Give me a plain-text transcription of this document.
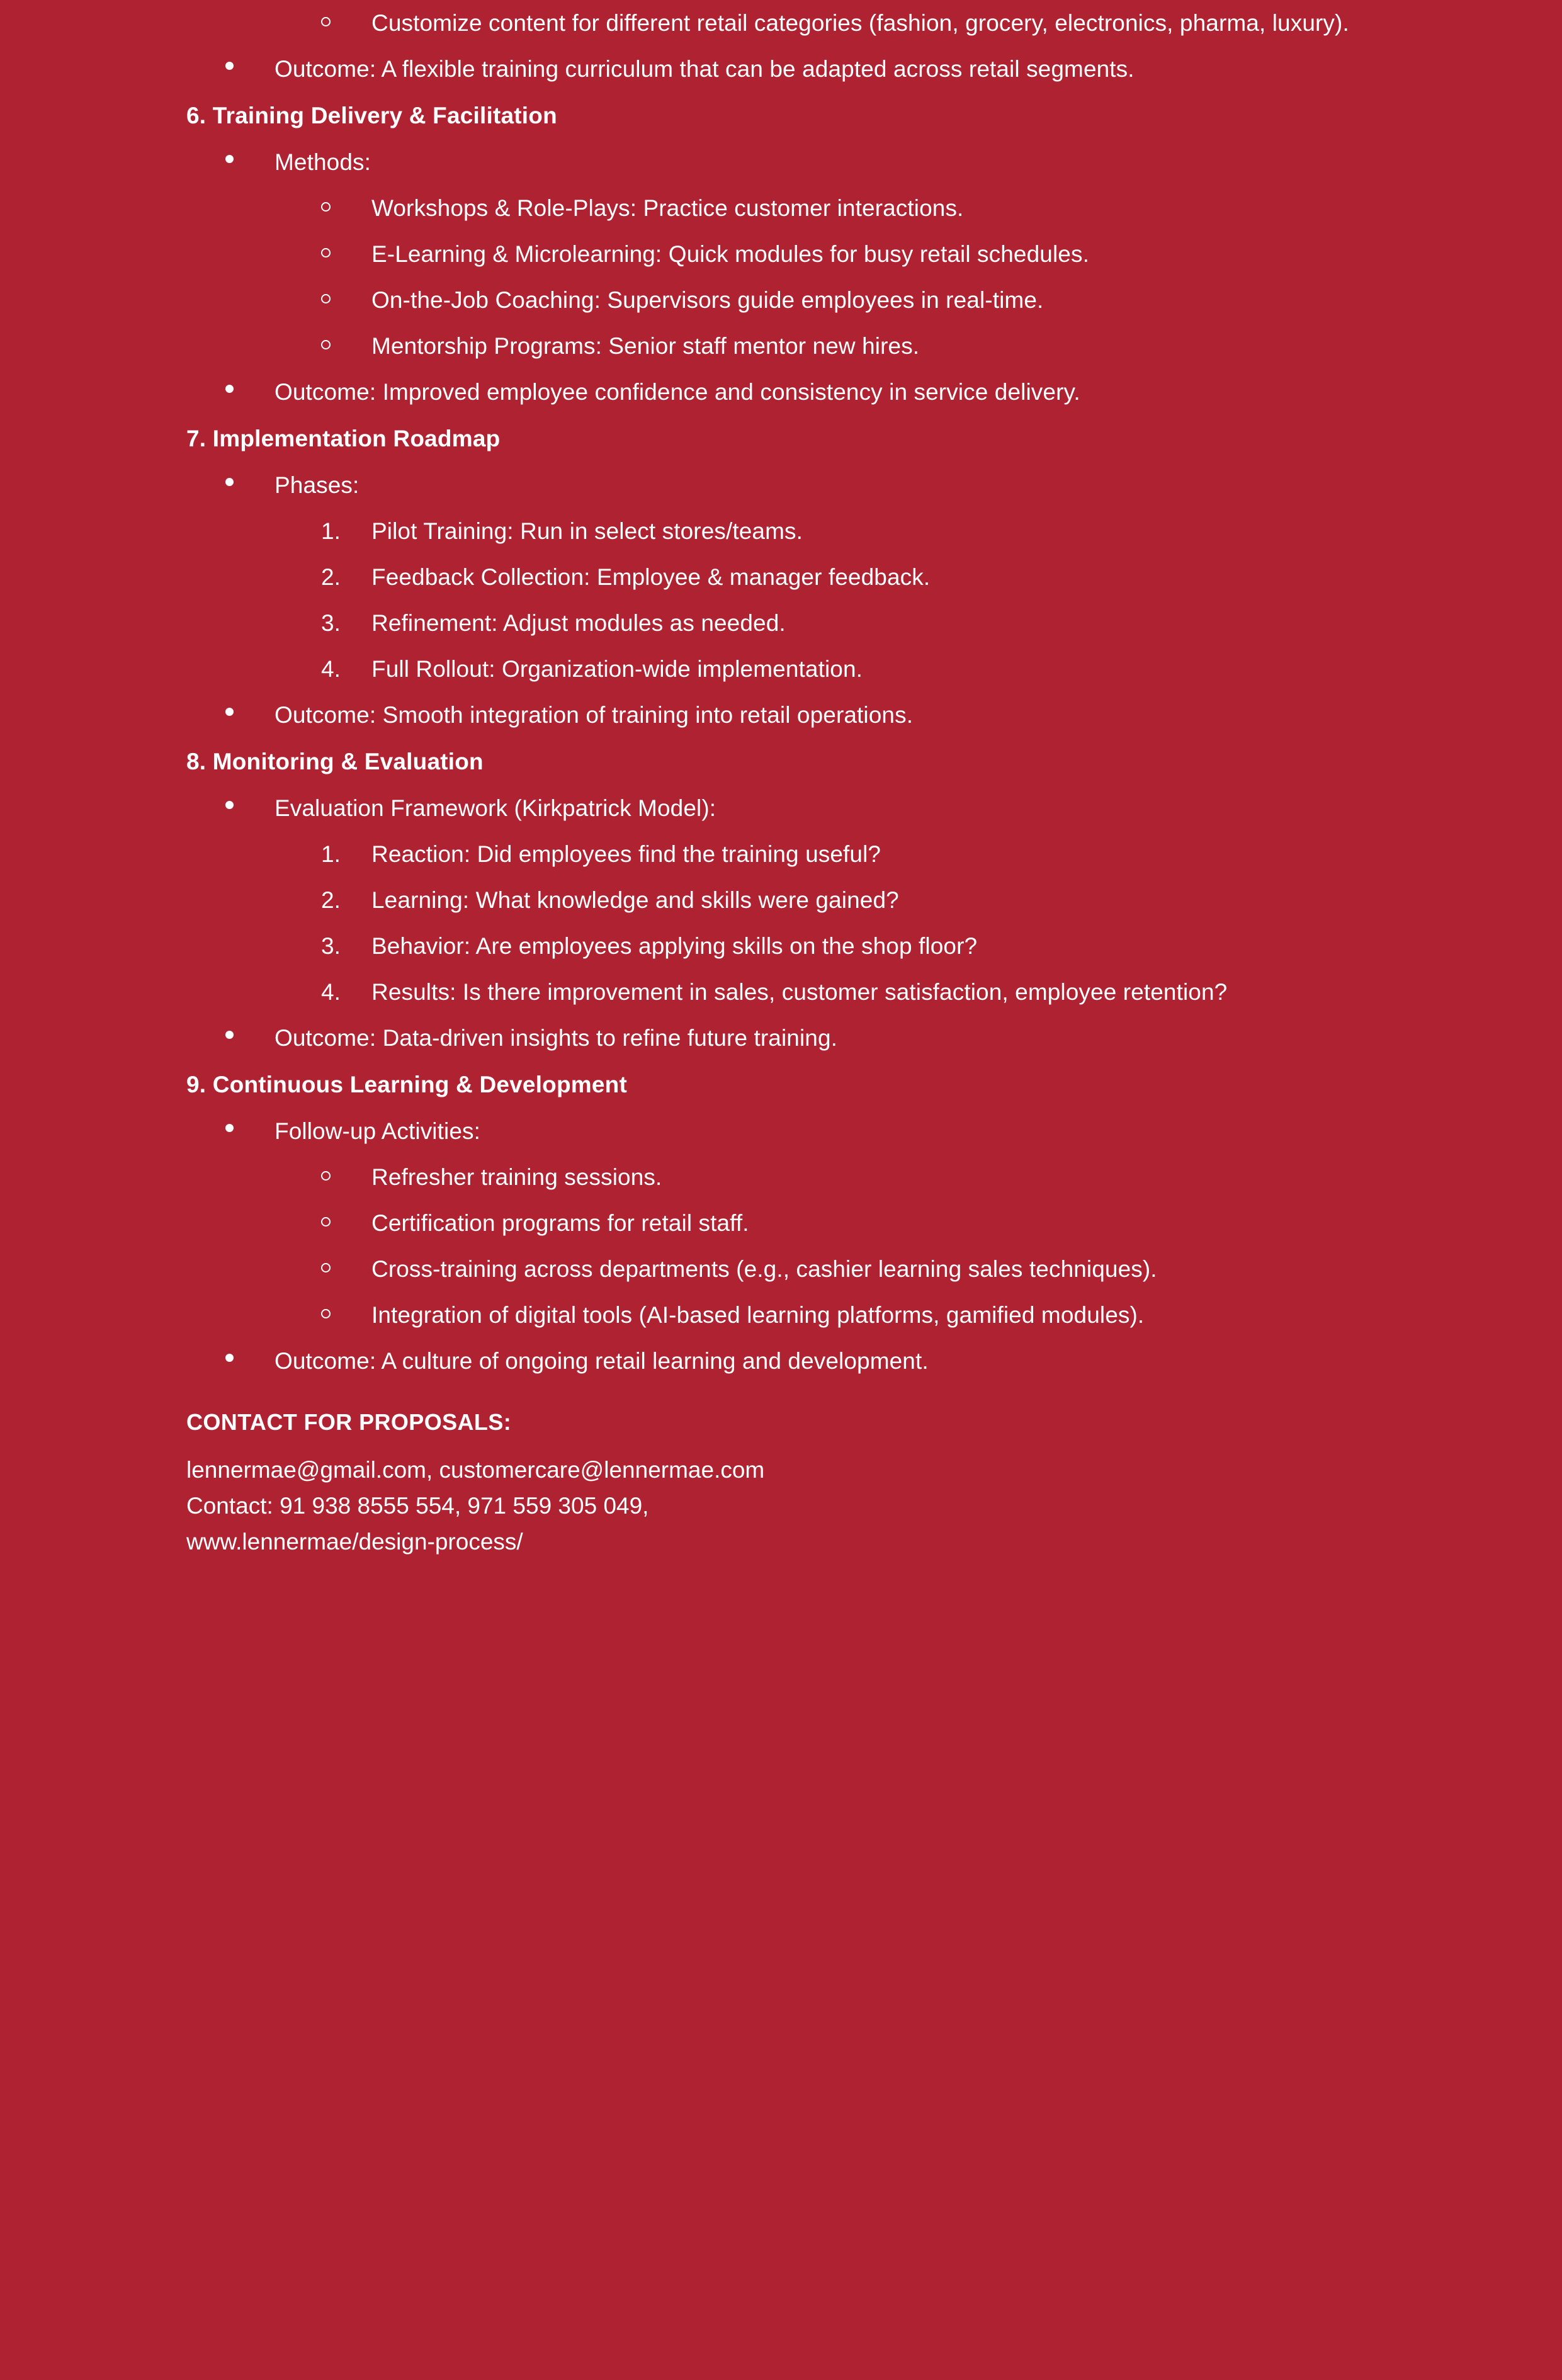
Customize content for different retail categories (fashion, grocery, electronics, pharma, luxury).
Outcome: A flexible training curriculum that can be adapted across retail segments.
6. Training Delivery & Facilitation
Methods:
Workshops & Role-Plays: Practice customer interactions.
E-Learning & Microlearning: Quick modules for busy retail schedules.
On-the-Job Coaching: Supervisors guide employees in real-time.
Mentorship Programs: Senior staff mentor new hires.
Outcome: Improved employee confidence and consistency in service delivery.
7. Implementation Roadmap
Phases:
1.	Pilot Training: Run in select stores/teams.
2.	Feedback Collection: Employee & manager feedback.
3.	Refinement: Adjust modules as needed.
4.	Full Rollout: Organization-wide implementation.
Outcome: Smooth integration of training into retail operations.
8. Monitoring & Evaluation
Evaluation Framework (Kirkpatrick Model):
1.	Reaction: Did employees find the training useful?
2.	Learning: What knowledge and skills were gained?
3.	Behavior: Are employees applying skills on the shop floor?
4.	Results: Is there improvement in sales, customer satisfaction, employee retention?
Outcome: Data-driven insights to refine future training.
9. Continuous Learning & Development
Follow-up Activities:
Refresher training sessions.
Certification programs for retail staff.
Cross-training across departments (e.g., cashier learning sales techniques).
Integration of digital tools (AI-based learning platforms, gamified modules).
Outcome: A culture of ongoing retail learning and development.
CONTACT FOR PROPOSALS:
lennermae@gmail.com, customercare@lennermae.com
Contact: 91 938 8555 554, 971 559 305 049,
www.lennermae/design-process/
